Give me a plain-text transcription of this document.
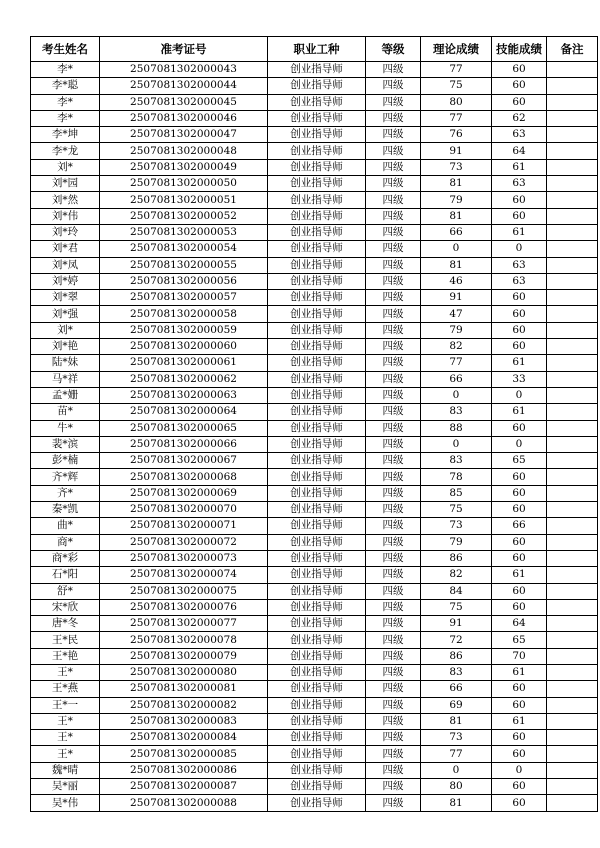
考生姓名	准考证号	职业工种	等级	理论成绩	技能成绩	备注
李*	2507081302000043	创业指导师	四级	77	60	
李*聪	2507081302000044	创业指导师	四级	75	60	
李*	2507081302000045	创业指导师	四级	80	60	
李*	2507081302000046	创业指导师	四级	77	62	
李*坤	2507081302000047	创业指导师	四级	76	63	
李*龙	2507081302000048	创业指导师	四级	91	64	
刘*	2507081302000049	创业指导师	四级	73	61	
刘*园	2507081302000050	创业指导师	四级	81	63	
刘*然	2507081302000051	创业指导师	四级	79	60	
刘*伟	2507081302000052	创业指导师	四级	81	60	
刘*玲	2507081302000053	创业指导师	四级	66	61	
刘*君	2507081302000054	创业指导师	四级	0	0	
刘*凤	2507081302000055	创业指导师	四级	81	63	
刘*婷	2507081302000056	创业指导师	四级	46	63	
刘*翠	2507081302000057	创业指导师	四级	91	60	
刘*强	2507081302000058	创业指导师	四级	47	60	
刘*	2507081302000059	创业指导师	四级	79	60	
刘*艳	2507081302000060	创业指导师	四级	82	60	
陆*妹	2507081302000061	创业指导师	四级	77	61	
马*祥	2507081302000062	创业指导师	四级	66	33	
孟*姗	2507081302000063	创业指导师	四级	0	0	
苗*	2507081302000064	创业指导师	四级	83	61	
牛*	2507081302000065	创业指导师	四级	88	60	
裴*滨	2507081302000066	创业指导师	四级	0	0	
彭*楠	2507081302000067	创业指导师	四级	83	65	
齐*辉	2507081302000068	创业指导师	四级	78	60	
齐*	2507081302000069	创业指导师	四级	85	60	
秦*凯	2507081302000070	创业指导师	四级	75	60	
曲*	2507081302000071	创业指导师	四级	73	66	
商*	2507081302000072	创业指导师	四级	79	60	
商*彩	2507081302000073	创业指导师	四级	86	60	
石*阳	2507081302000074	创业指导师	四级	82	61	
舒*	2507081302000075	创业指导师	四级	84	60	
宋*欣	2507081302000076	创业指导师	四级	75	60	
唐*冬	2507081302000077	创业指导师	四级	91	64	
王*民	2507081302000078	创业指导师	四级	72	65	
王*艳	2507081302000079	创业指导师	四级	86	70	
王*	2507081302000080	创业指导师	四级	83	61	
王*燕	2507081302000081	创业指导师	四级	66	60	
王*一	2507081302000082	创业指导师	四级	69	60	
王*	2507081302000083	创业指导师	四级	81	61	
王*	2507081302000084	创业指导师	四级	73	60	
王*	2507081302000085	创业指导师	四级	77	60	
魏*晴	2507081302000086	创业指导师	四级	0	0	
吴*丽	2507081302000087	创业指导师	四级	80	60	
吴*伟	2507081302000088	创业指导师	四级	81	60	
